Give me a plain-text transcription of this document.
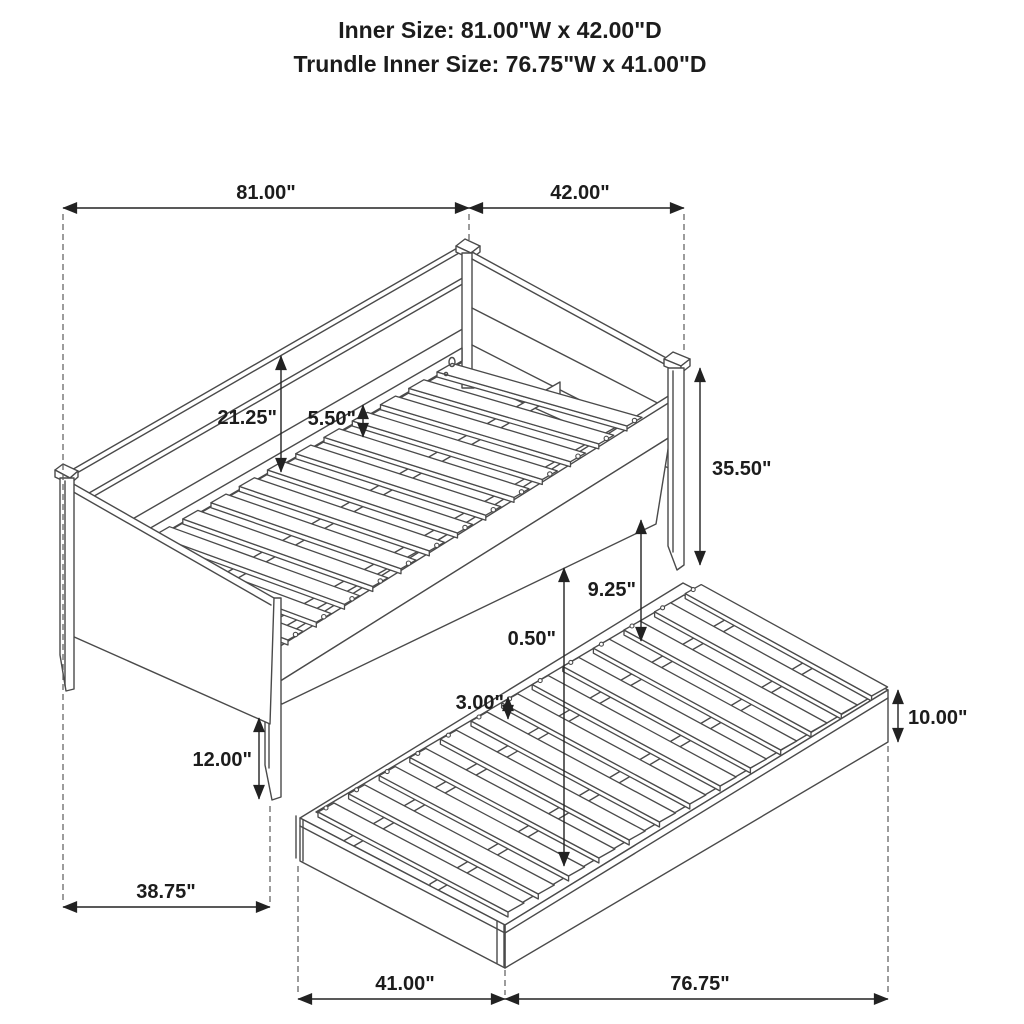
Inner Size: 81.00"W x 42.00"D
Trundle Inner Size: 76.75"W x 41.00"D
81.00"	42.00"
35.50"
21.25" 5.50"
9.25"
0.50"
3.00"
12.00"
38.75"
41.00"	76.75"
10.00"
